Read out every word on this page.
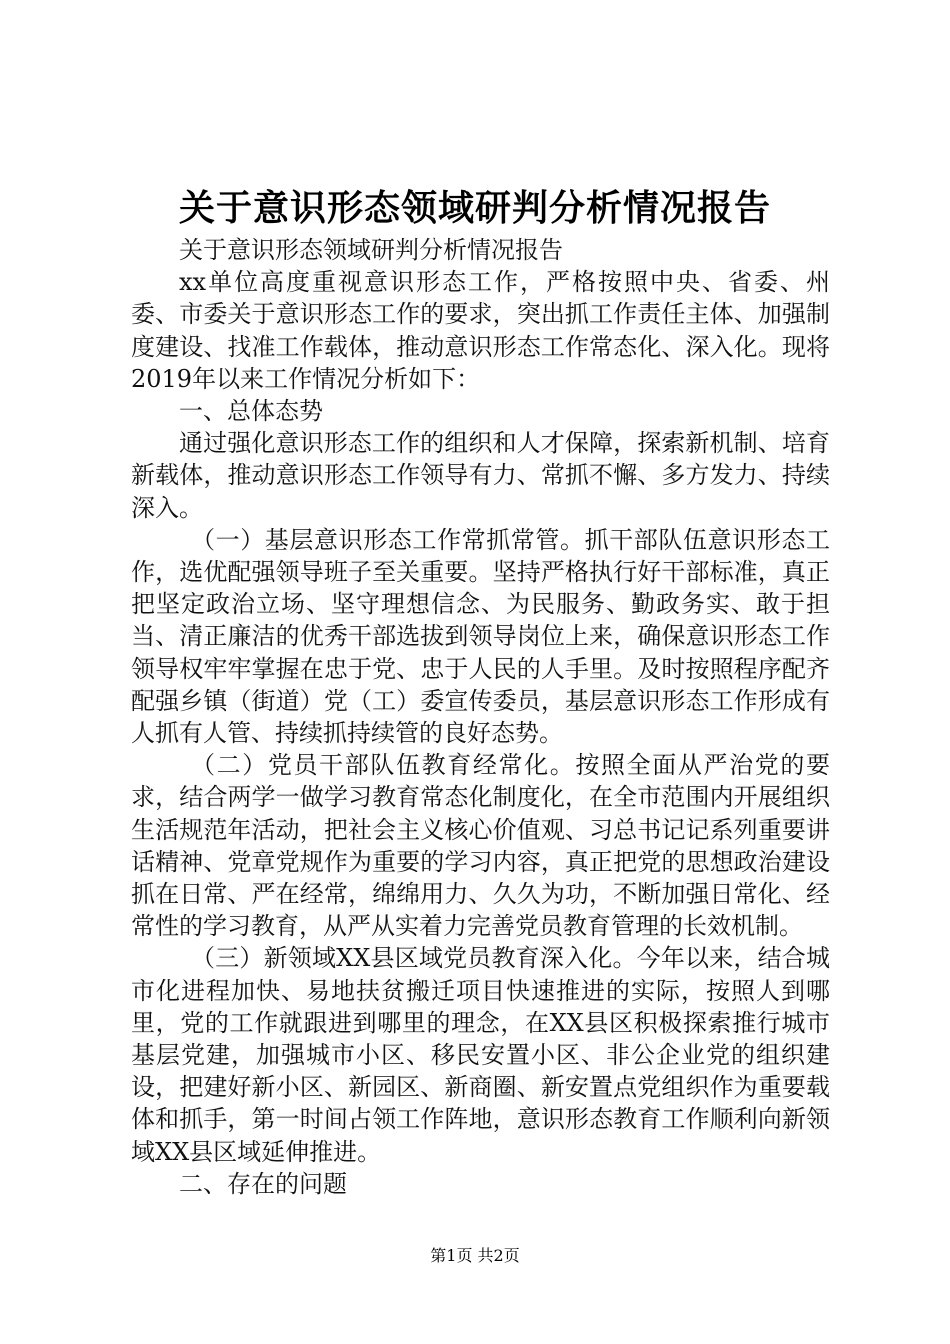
关于意识形态领域研判分析情况报告

关于意识形态领域研判分析情况报告

xx单位高度重视意识形态工作，严格按照中央、省委、州委、市委关于意识形态工作的要求，突出抓工作责任主体、加强制度建设、找准工作载体，推动意识形态工作常态化、深入化。现将2019年以来工作情况分析如下：

一、总体态势

通过强化意识形态工作的组织和人才保障，探索新机制、培育新载体，推动意识形态工作领导有力、常抓不懈、多方发力、持续深入。

（一）基层意识形态工作常抓常管。抓干部队伍意识形态工作，选优配强领导班子至关重要。坚持严格执行好干部标准，真正把坚定政治立场、坚守理想信念、为民服务、勤政务实、敢于担当、清正廉洁的优秀干部选拔到领导岗位上来，确保意识形态工作领导权牢牢掌握在忠于党、忠于人民的人手里。及时按照程序配齐配强乡镇（街道）党（工）委宣传委员，基层意识形态工作形成有人抓有人管、持续抓持续管的良好态势。

（二）党员干部队伍教育经常化。按照全面从严治党的要求，结合两学一做学习教育常态化制度化，在全市范围内开展组织生活规范年活动，把社会主义核心价值观、习总书记记系列重要讲话精神、党章党规作为重要的学习内容，真正把党的思想政治建设抓在日常、严在经常，绵绵用力、久久为功，不断加强日常化、经常性的学习教育，从严从实着力完善党员教育管理的长效机制。

（三）新领域XX县区域党员教育深入化。今年以来，结合城市化进程加快、易地扶贫搬迁项目快速推进的实际，按照人到哪里，党的工作就跟进到哪里的理念，在XX县区积极探索推行城市基层党建，加强城市小区、移民安置小区、非公企业党的组织建设，把建好新小区、新园区、新商圈、新安置点党组织作为重要载体和抓手，第一时间占领工作阵地，意识形态教育工作顺利向新领域XX县区域延伸推进。

二、存在的问题

第1页 共2页
